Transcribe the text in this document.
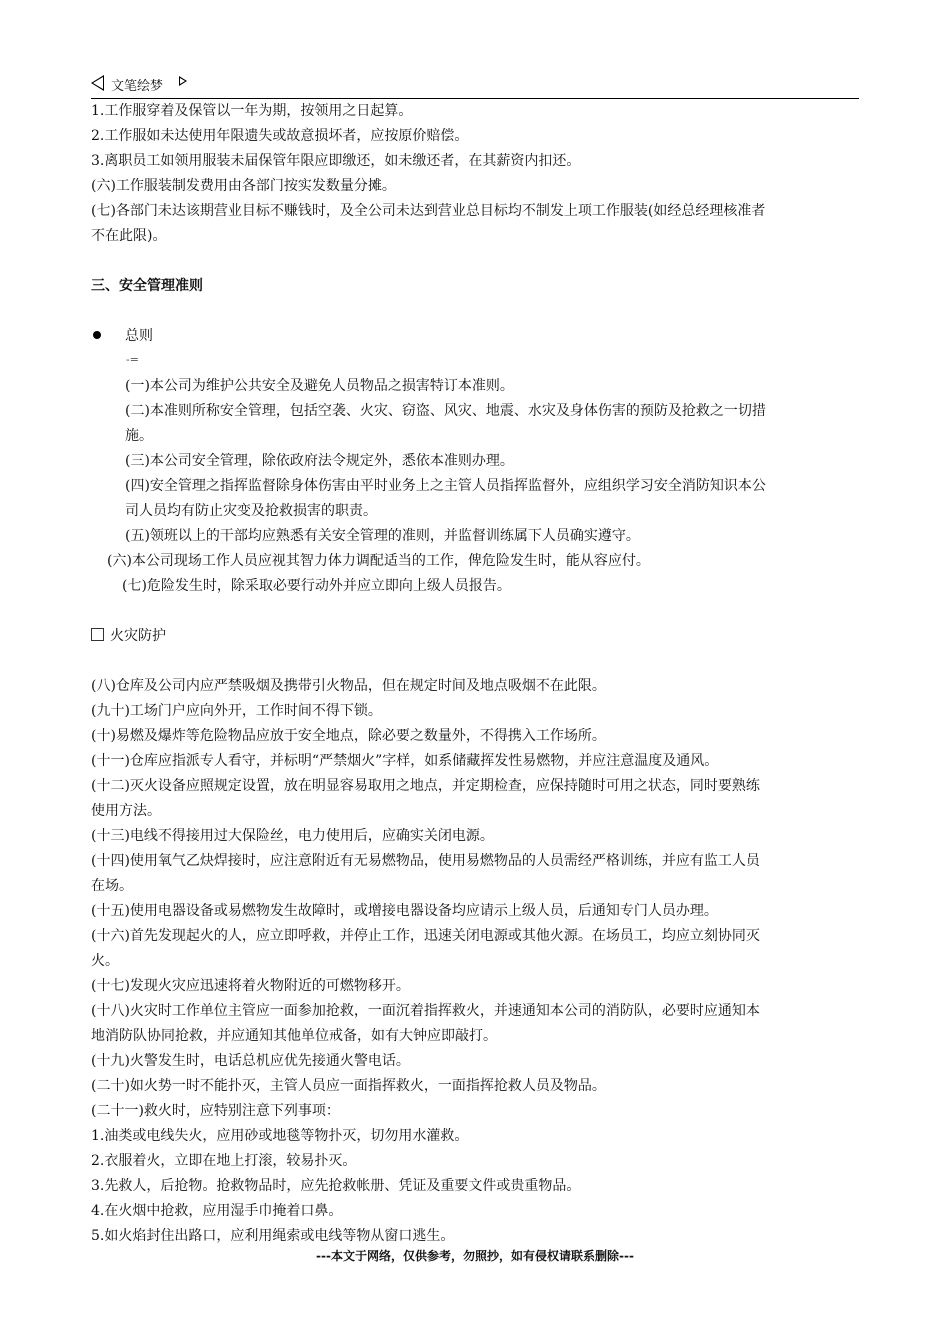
文笔绘梦
1.工作服穿着及保管以一年为期，按领用之日起算。
2.工作服如未达使用年限遗失或故意损坏者，应按原价赔偿。
3.离职员工如领用服装未届保管年限应即缴还，如未缴还者，在其薪资内扣还。
(六)工作服装制发费用由各部门按实发数量分摊。
(七)各部门未达该期营业目标不赚钱时，及全公司未达到营业总目标均不制发上项工作服装(如经总经理核准者
不在此限)。
三、安全管理准则
总则
-=
(一)本公司为维护公共安全及避免人员物品之损害特订本准则。
(二)本准则所称安全管理，包括空袭、火灾、窃盗、风灾、地震、水灾及身体伤害的预防及抢救之一切措
施。
(三)本公司安全管理，除依政府法令规定外，悉依本准则办理。
(四)安全管理之指挥监督除身体伤害由平时业务上之主管人员指挥监督外，应组织学习安全消防知识本公
司人员均有防止灾变及抢救损害的职责。
(五)领班以上的干部均应熟悉有关安全管理的准则，并监督训练属下人员确实遵守。
(六)本公司现场工作人员应视其智力体力调配适当的工作，俾危险发生时，能从容应付。
(七)危险发生时，除采取必要行动外并应立即向上级人员报告。
火灾防护
(八)仓库及公司内应严禁吸烟及携带引火物品，但在规定时间及地点吸烟不在此限。
(九十)工场门户应向外开，工作时间不得下锁。
(十)易燃及爆炸等危险物品应放于安全地点，除必要之数量外，不得携入工作场所。
(十一)仓库应指派专人看守，并标明“严禁烟火”字样，如系储藏挥发性易燃物，并应注意温度及通风。
(十二)灭火设备应照规定设置，放在明显容易取用之地点，并定期检查，应保持随时可用之状态，同时要熟练
使用方法。
(十三)电线不得接用过大保险丝，电力使用后，应确实关闭电源。
(十四)使用氧气乙炔焊接时，应注意附近有无易燃物品，使用易燃物品的人员需经严格训练，并应有监工人员
在场。
(十五)使用电器设备或易燃物发生故障时，或增接电器设备均应请示上级人员，后通知专门人员办理。
(十六)首先发现起火的人，应立即呼救，并停止工作，迅速关闭电源或其他火源。在场员工，均应立刻协同灭
火。
(十七)发现火灾应迅速将着火物附近的可燃物移开。
(十八)火灾时工作单位主管应一面参加抢救，一面沉着指挥救火，并速通知本公司的消防队，必要时应通知本
地消防队协同抢救，并应通知其他单位戒备，如有大钟应即敲打。
(十九)火警发生时，电话总机应优先接通火警电话。
(二十)如火势一时不能扑灭，主管人员应一面指挥救火，一面指挥抢救人员及物品。
(二十一)救火时，应特别注意下列事项：
1.油类或电线失火，应用砂或地毯等物扑灭，切勿用水灌救。
2.衣服着火，立即在地上打滚，较易扑灭。
3.先救人，后抢物。抢救物品时，应先抢救帐册、凭证及重要文件或贵重物品。
4.在火烟中抢救，应用湿手巾掩着口鼻。
5.如火焰封住出路口，应利用绳索或电线等物从窗口逃生。
---本文于网络，仅供参考，勿照抄，如有侵权请联系删除---
